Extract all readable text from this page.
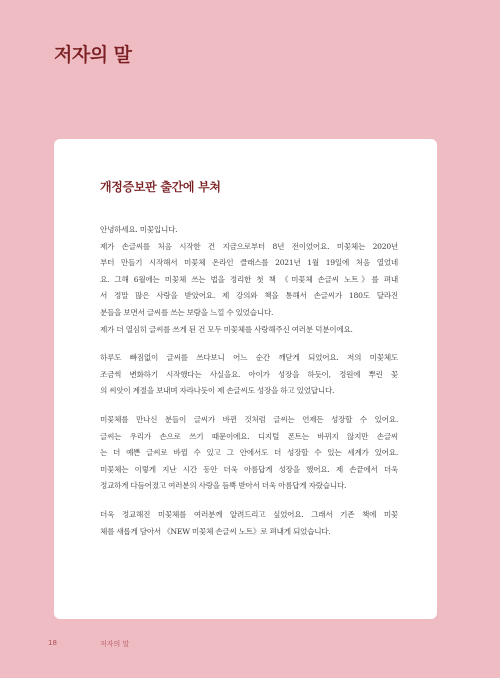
저자의 말
개정증보판 출간에 부쳐

안녕하세요. 미꽃입니다.
제가 손글씨를 처음 시작한 건 지금으로부터 8년 전이었어요. 미꽃체는 2020년
부터 만들기 시작해서 미꽃체 온라인 클래스를 2021년 1월 19일에 처음 열었네
요. 그해 6월에는 미꽃체 쓰는 법을 정리한 첫 책 《미꽃체 손글씨 노트》를 펴내
서 정말 많은 사랑을 받았어요. 제 강의와 책을 통해서 손글씨가 180도 달라진
분들을 보면서 글씨를 쓰는 보람을 느낄 수 있었습니다.
제가 더 열심히 글씨를 쓰게 된 건 모두 미꽃체를 사랑해주신 여러분 덕분이에요.

하루도 빠짐없이 글씨를 쓰다보니 어느 순간 깨닫게 되었어요. 저의 미꽃체도
조금씩 변화하기 시작했다는 사실을요. 아이가 성장을 하듯이, 정원에 뿌린 꽃
의 씨앗이 계절을 보내며 자라나듯이 제 손글씨도 성장을 하고 있었답니다.

미꽃체를 만나신 분들이 글씨가 바뀐 것처럼 글씨는 언제든 성장할 수 있어요.
글씨는 우리가 손으로 쓰기 때문이에요. 디지털 폰트는 바뀌지 않지만 손글씨
는 더 예쁜 글씨로 바뀔 수 있고 그 안에서도 더 성장할 수 있는 세계가 있어요.
미꽃체는 이렇게 지난 시간 동안 더욱 아름답게 성장을 했어요. 제 손끝에서 더욱
정교하게 다듬어졌고 여러분의 사랑을 듬뿍 받아서 더욱 아름답게 자랐습니다.

더욱 정교해진 미꽃체를 여러분께 알려드리고 싶었어요. 그래서 기존 책에 미꽃
체를 새롭게 담아서 《NEW 미꽃체 손글씨 노트》로 펴내게 되었습니다.

18	저자의 말
